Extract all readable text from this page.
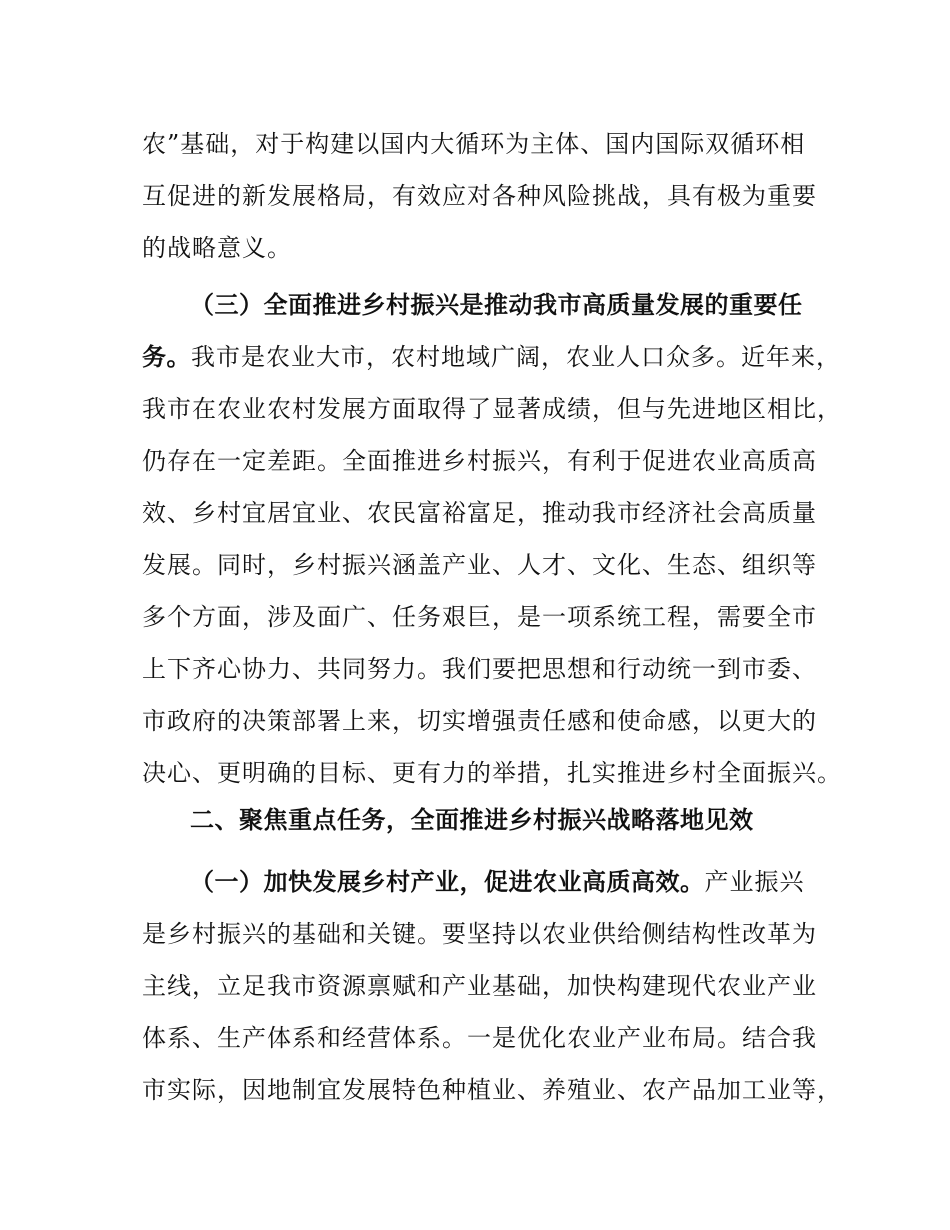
农”基础，对于构建以国内大循环为主体、国内国际双循环相
互促进的新发展格局，有效应对各种风险挑战，具有极为重要
的战略意义。
（三）全面推进乡村振兴是推动我市高质量发展的重要任
务。我市是农业大市，农村地域广阔，农业人口众多。近年来，
我市在农业农村发展方面取得了显著成绩，但与先进地区相比，
仍存在一定差距。全面推进乡村振兴，有利于促进农业高质高
效、乡村宜居宜业、农民富裕富足，推动我市经济社会高质量
发展。同时，乡村振兴涵盖产业、人才、文化、生态、组织等
多个方面，涉及面广、任务艰巨，是一项系统工程，需要全市
上下齐心协力、共同努力。我们要把思想和行动统一到市委、
市政府的决策部署上来，切实增强责任感和使命感，以更大的
决心、更明确的目标、更有力的举措，扎实推进乡村全面振兴。
二、聚焦重点任务，全面推进乡村振兴战略落地见效
（一）加快发展乡村产业，促进农业高质高效。产业振兴
是乡村振兴的基础和关键。要坚持以农业供给侧结构性改革为
主线，立足我市资源禀赋和产业基础，加快构建现代农业产业
体系、生产体系和经营体系。一是优化农业产业布局。结合我
市实际，因地制宜发展特色种植业、养殖业、农产品加工业等，
